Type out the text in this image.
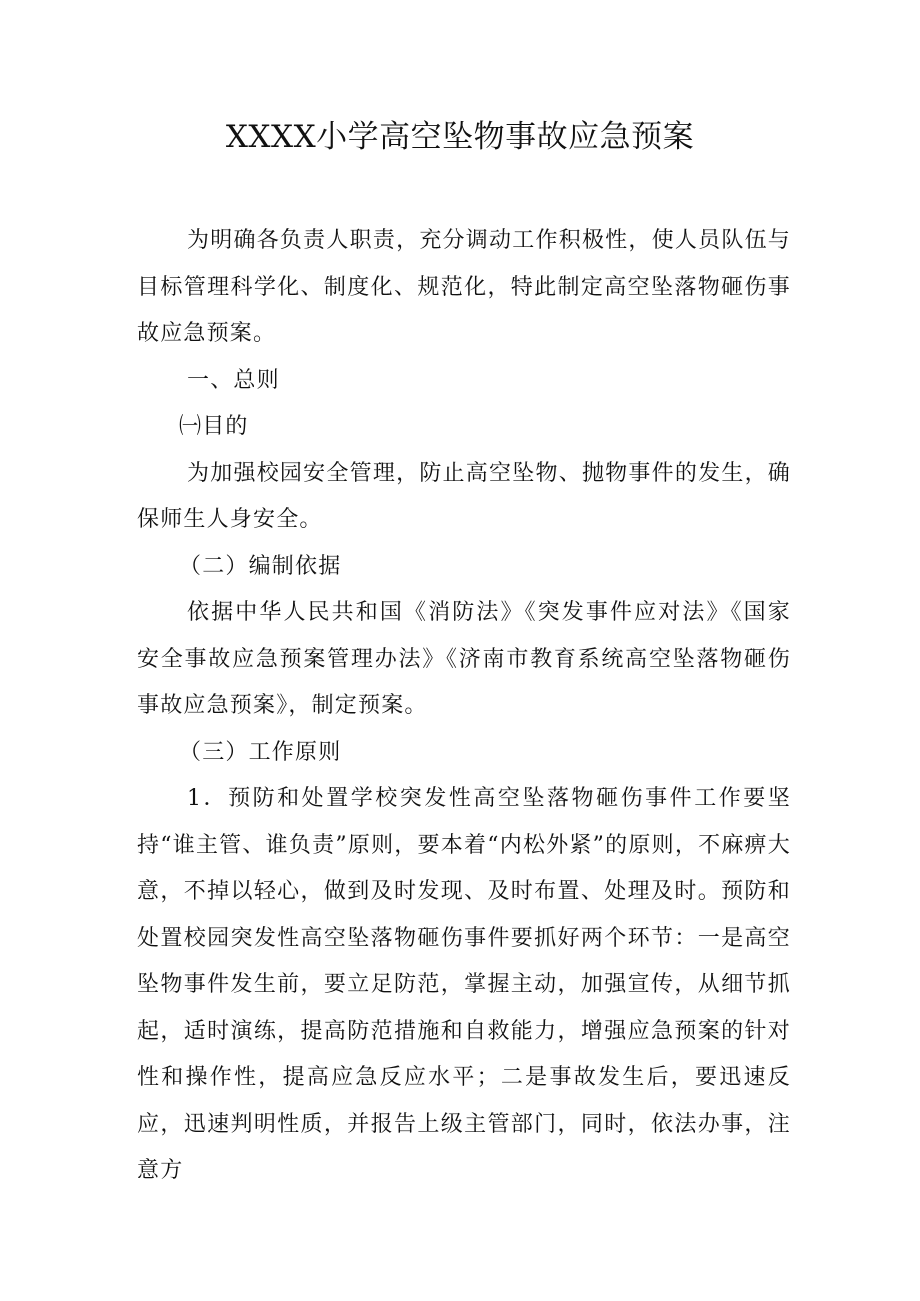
XXXX小学高空坠物事故应急预案

为明确各负责人职责，充分调动工作积极性，使人员队伍与目标管理科学化、制度化、规范化，特此制定高空坠落物砸伤事故应急预案。

一、总则

㈠目的

为加强校园安全管理，防止高空坠物、抛物事件的发生，确保师生人身安全。

（二）编制依据

依据中华人民共和国《消防法》《突发事件应对法》《国家安全事故应急预案管理办法》《济南市教育系统高空坠落物砸伤事故应急预案》，制定预案。

（三）工作原则

1．预防和处置学校突发性高空坠落物砸伤事件工作要坚持“谁主管、谁负责”原则，要本着“内松外紧”的原则，不麻痹大意，不掉以轻心，做到及时发现、及时布置、处理及时。预防和处置校园突发性高空坠落物砸伤事件要抓好两个环节：一是高空坠物事件发生前，要立足防范，掌握主动，加强宣传，从细节抓起，适时演练，提高防范措施和自救能力，增强应急预案的针对性和操作性，提高应急反应水平；二是事故发生后，要迅速反应，迅速判明性质，并报告上级主管部门，同时，依法办事，注意方
